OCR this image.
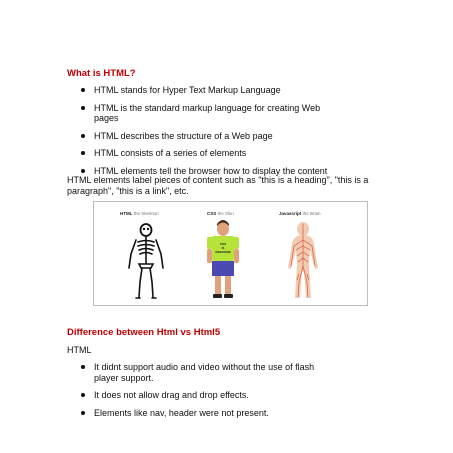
What is HTML?
HTML stands for Hyper Text Markup Language
HTML is the standard markup language for creating Web pages
HTML describes the structure of a Web page
HTML consists of a series of elements
HTML elements tell the browser how to display the content

HTML elements label pieces of content such as "this is a heading", "this is a paragraph", "this is a link", etc.

HTML the Skeleton	CSS the Skin	Javascript the Brain
CSS
IS
AWESOME
Difference between Html vs Html5

HTML

It didnt support audio and video without the use of flash player support.
It does not allow drag and drop effects.
Elements like nav, header were not present.
